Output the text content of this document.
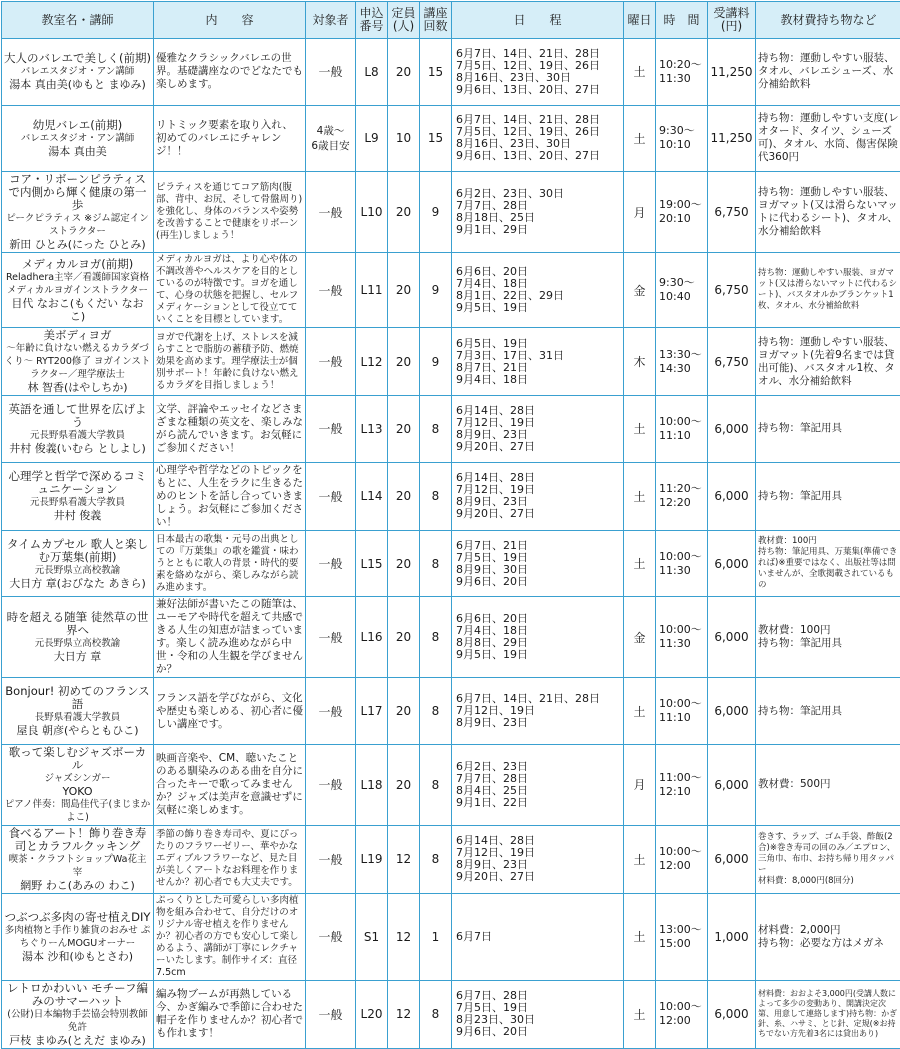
教室名・講師	内　　容	対象者	申込番号	定員(人)	講座回数	日　　程	曜日	時　間	受講料(円)	教材費持ち物など

大人のバレエで美しく(前期)
バレエスタジオ・アン講師
湯本 真由美(ゆもと まゆみ)	優雅なクラシックバレエの世界。基礎講座なのでどなたでも楽しめます。	一般	L8	20	15	6月7日、14日、21日、28日
7月5日、12日、19日、26日
8月16日、23日、30日
9月6日、13日、20日、27日	土	10:20〜
11:30	11,250	持ち物：運動しやすい服装、タオル、バレエシューズ、水分補給飲料

幼児バレエ(前期)
バレエスタジオ・アン講師
湯本 真由美	リトミック要素を取り入れ、初めてのバレエにチャレンジ！！	4歳〜
6歳目安	L9	10	15	6月7日、14日、21日、28日
7月5日、12日、19日、26日
8月16日、23日、30日
9月6日、13日、20日、27日	土	9:30〜
10:10	11,250	持ち物：運動しやすい支度(レオタード、タイツ、シューズ可)、タオル、水筒、傷害保険代360円

コア・リボーンピラティスで内側から輝く健康の第一歩
ピークピラティス ※ジム認定インストラクター
新田 ひとみ(にった ひとみ)	ピラティスを通じてコア筋肉(腹部、背中、お尻、そして骨盤周り)を強化し、身体のバランスや姿勢を改善することで健康をリボーン(再生)しましょう！	一般	L10	20	9	6月2日、23日、30日
7月7日、28日
8月18日、25日
9月1日、29日	月	19:00〜
20:10	6,750	持ち物：運動しやすい服装、ヨガマット(又は滑らないマットに代わるシート)、タオル、水分補給飲料

メディカルヨガ(前期)
Reladhera主宰／看護師国家資格 メディカルヨガインストラクター
目代 なおこ(もくだい なおこ)	メディカルヨガは、より心や体の不調改善やヘルスケアを目的としているのが特徴です。ヨガを通して、心身の状態を把握し、セルフメディケーションとして役立てていくことを目標としています。	一般	L11	20	9	6月6日、20日
7月4日、18日
8月1日、22日、29日
9月5日、19日	金	9:30〜
10:40	6,750	持ち物：運動しやすい服装、ヨガマット(又は滑らないマットに代わるシート)、バスタオルかブランケット1枚、タオル、水分補給飲料

美ボディヨガ
〜年齢に負けない燃えるカラダづくり〜 RYT200修了 ヨガインストラクター／理学療法士
林 智香(はやしちか)	ヨガで代謝を上げ、ストレスを減らすことで脂肪の蓄積予防、燃焼効果を高めます。理学療法士が個別サポート！年齢に負けない燃えるカラダを目指しましょう！	一般	L12	20	9	6月5日、19日
7月3日、17日、31日
8月7日、21日
9月4日、18日	木	13:30〜
14:30	6,750	持ち物：運動しやすい服装、ヨガマット(先着9名までは貸出可能)、バスタオル1枚、タオル、水分補給飲料

英語を通して世界を広げよう
元長野県看護大学教員
井村 俊義(いむら としよし)	文学、評論やエッセイなどさまざまな種類の英文を、楽しみながら読んでいきます。お気軽にご参加ください！	一般	L13	20	8	6月14日、28日
7月12日、19日
8月9日、23日
9月20日、27日	土	10:00〜
11:10	6,000	持ち物：筆記用具

心理学と哲学で深めるコミュニケーション
元長野県看護大学教員
井村 俊義	心理学や哲学などのトピックをもとに、人生をラクに生きるためのヒントを話し合っていきましょう。お気軽にご参加ください！	一般	L14	20	8	6月14日、28日
7月12日、19日
8月9日、23日
9月20日、27日	土	11:20〜
12:20	6,000	持ち物：筆記用具

タイムカプセル 歌人と楽しむ万葉集(前期)
元長野県立高校教諭
大日方 章(おびなた あきら)	日本最古の歌集・元号の出典としての『万葉集』の歌を鑑賞・味わうとともに歌人の背景・時代的要素を絡めながら、楽しみながら読み進めます。	一般	L15	20	8	6月7日、21日
7月5日、19日
8月9日、30日
9月6日、20日	土	10:00〜
11:30	6,000	教材費：100円
持ち物：筆記用具、万葉集(準備できれば)※重要ではなく、出版社等は問いませんが、全歌掲載されているもの

時を超える随筆 徒然草の世界へ
元長野県立高校教諭
大日方 章	兼好法師が書いたこの随筆は、ユーモアや時代を超えて共感できる人生の知恵が詰まっています。楽しく読み進めながら中世・令和の人生観を学びませんか？	一般	L16	20	8	6月6日、20日
7月4日、18日
8月8日、29日
9月5日、19日	金	10:00〜
11:30	6,000	教材費：100円
持ち物：筆記用具

Bonjour! 初めてのフランス語
長野県看護大学教員
屋良 朝彦(やらともひこ)	フランス語を学びながら、文化や歴史も楽しめる、初心者に優しい講座です。	一般	L17	20	8	6月7日、14日、21日、28日
7月12日、19日
8月9日、23日	土	10:00〜
11:10	6,000	持ち物：筆記用具

歌って楽しむジャズボーカル
ジャズシンガー
YOKO
ピアノ伴奏：間島佳代子(まじまかよこ)	映画音楽や、CM、聴いたことのある馴染みのある曲を自分に合ったキーで歌ってみませんか？ジャズは美声を意識せずに気軽に楽しめます。	一般	L18	20	8	6月2日、23日
7月7日、28日
8月4日、25日
9月1日、22日	月	11:00〜
12:10	6,000	教材費：500円

食べるアート！飾り巻き寿司とカラフルクッキング
喫茶・クラフトショップWa花主宰
網野 わこ(あみの わこ)	季節の飾り巻き寿司や、夏にぴったりのフラワーゼリー、華やかなエディブルフラワーなど、見た目が美しくアートなお料理を作りませんか？初心者でも大丈夫です。	一般	L19	12	8	6月14日、28日
7月12日、19日
8月9日、23日
9月20日、27日	土	10:00〜
12:00	6,000	巻きす、ラップ、ゴム手袋、酢飯(2合)※巻き寿司の回のみ／エプロン、三角巾、布巾、お持ち帰り用タッパー
材料費：8,000円(8回分)

つぶつぶ多肉の寄せ植えDIY
多肉植物と手作り雑貨のおみせ ぷちぐりーんMOGUオーナー
湯本 沙和(ゆもとさわ)	ぷっくりとした可愛らしい多肉植物を組み合わせて、自分だけのオリジナル寄せ植えを作りませんか？初心者の方でも安心して楽しめるよう、講師が丁寧にレクチャーいたします。制作サイズ：直径7.5cm	一般	S1	12	1	6月7日	土	13:00〜
15:00	1,000	材料費：2,000円
持ち物：必要な方はメガネ

レトロかわいい モチーフ編みのサマーハット
(公財)日本編物手芸協会特別教師免許
戸枝 まゆみ(とえだ まゆみ)	編み物ブームが再熱している今、かぎ編みで季節に合わせた帽子を作りませんか？初心者でも作れます！	一般	L20	12	8	6月7日、28日
7月5日、19日
8月23日、30日
9月6日、20日	土	10:00〜
12:00	6,000	材料費：おおよそ3,000円(受講人数によって多少の変動あり、開講決定次第、用意して連絡します)持ち物：かぎ針、糸、ハサミ、とじ針、定規(※お持ちでない方先着3名には貸出あり)
